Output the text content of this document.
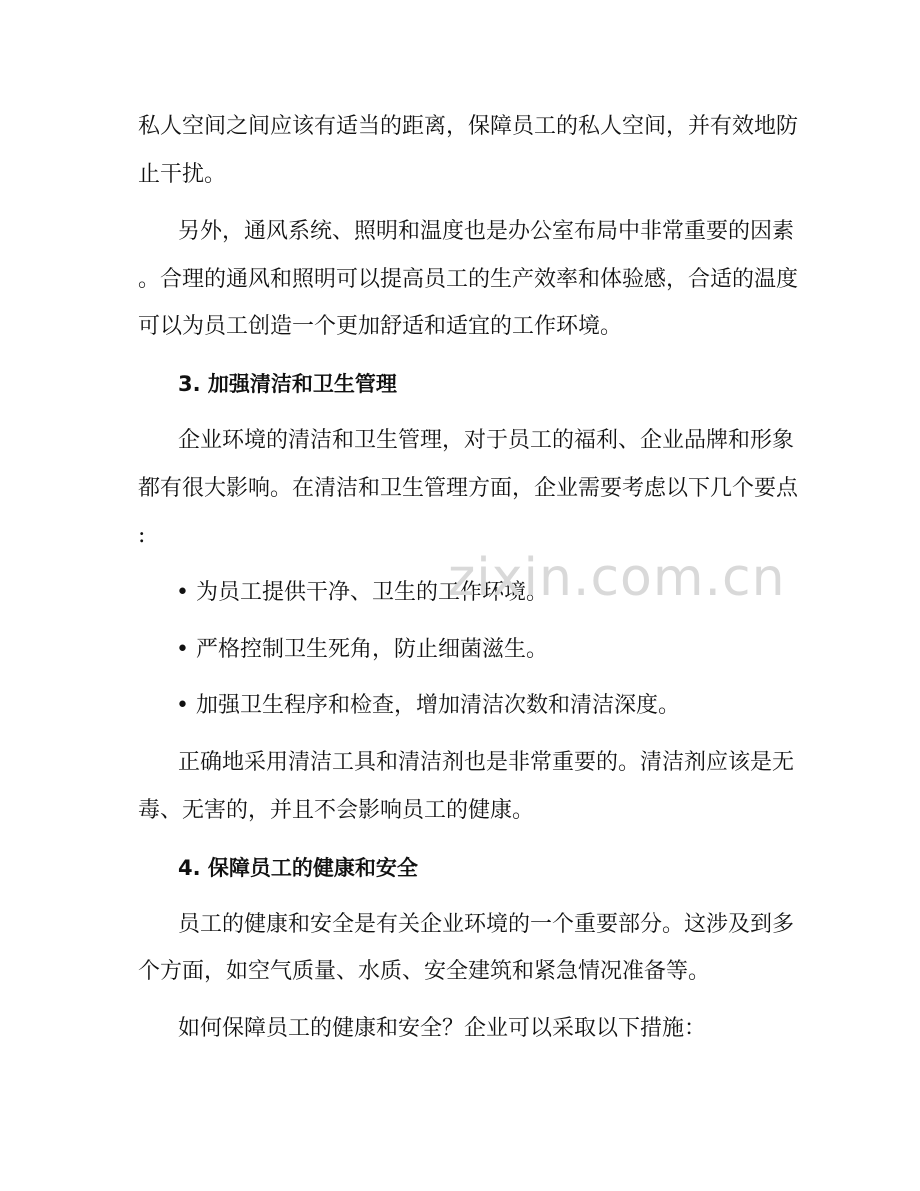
私人空间之间应该有适当的距离，保障员工的私人空间，并有效地防
止干扰。
另外，通风系统、照明和温度也是办公室布局中非常重要的因素
。合理的通风和照明可以提高员工的生产效率和体验感，合适的温度
可以为员工创造一个更加舒适和适宜的工作环境。
3. 加强清洁和卫生管理
企业环境的清洁和卫生管理，对于员工的福利、企业品牌和形象
都有很大影响。在清洁和卫生管理方面，企业需要考虑以下几个要点
:
• 为员工提供干净、卫生的工作环境。
• 严格控制卫生死角，防止细菌滋生。
• 加强卫生程序和检查，增加清洁次数和清洁深度。
正确地采用清洁工具和清洁剂也是非常重要的。清洁剂应该是无
毒、无害的，并且不会影响员工的健康。
4. 保障员工的健康和安全
员工的健康和安全是有关企业环境的一个重要部分。这涉及到多
个方面，如空气质量、水质、安全建筑和紧急情况准备等。
如何保障员工的健康和安全？企业可以采取以下措施：
zixin.com.cn
